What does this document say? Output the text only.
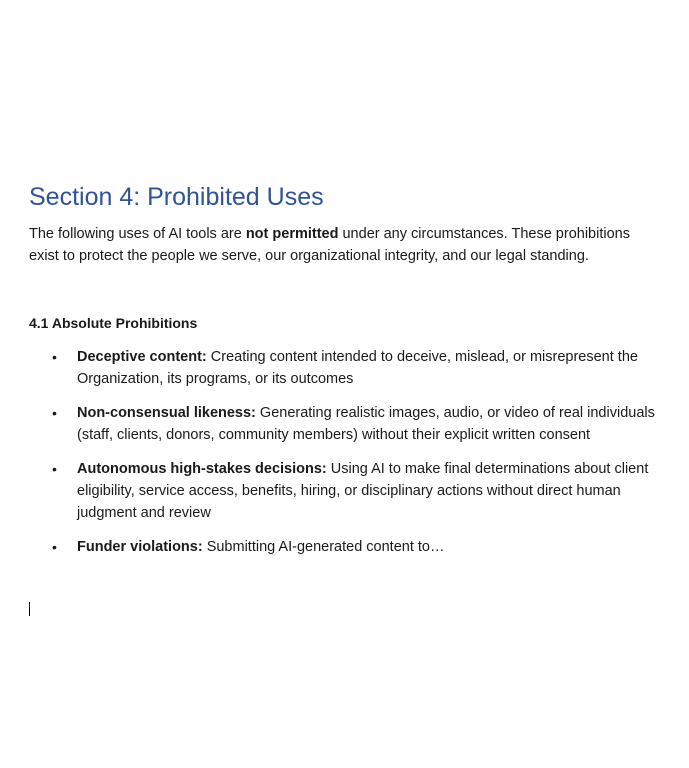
Section 4: Prohibited Uses

The following uses of AI tools are not permitted under any circumstances. These prohibitions exist to protect the people we serve, our organizational integrity, and our legal standing.

4.1 Absolute Prohibitions

• Deceptive content: Creating content intended to deceive, mislead, or misrepresent the Organization, its programs, or its outcomes
• Non-consensual likeness: Generating realistic images, audio, or video of real individuals (staff, clients, donors, community members) without their explicit written consent
• Autonomous high-stakes decisions: Using AI to make final determinations about client eligibility, service access, benefits, hiring, or disciplinary actions without direct human judgment and review
• Funder violations: Submitting AI-generated content to…
